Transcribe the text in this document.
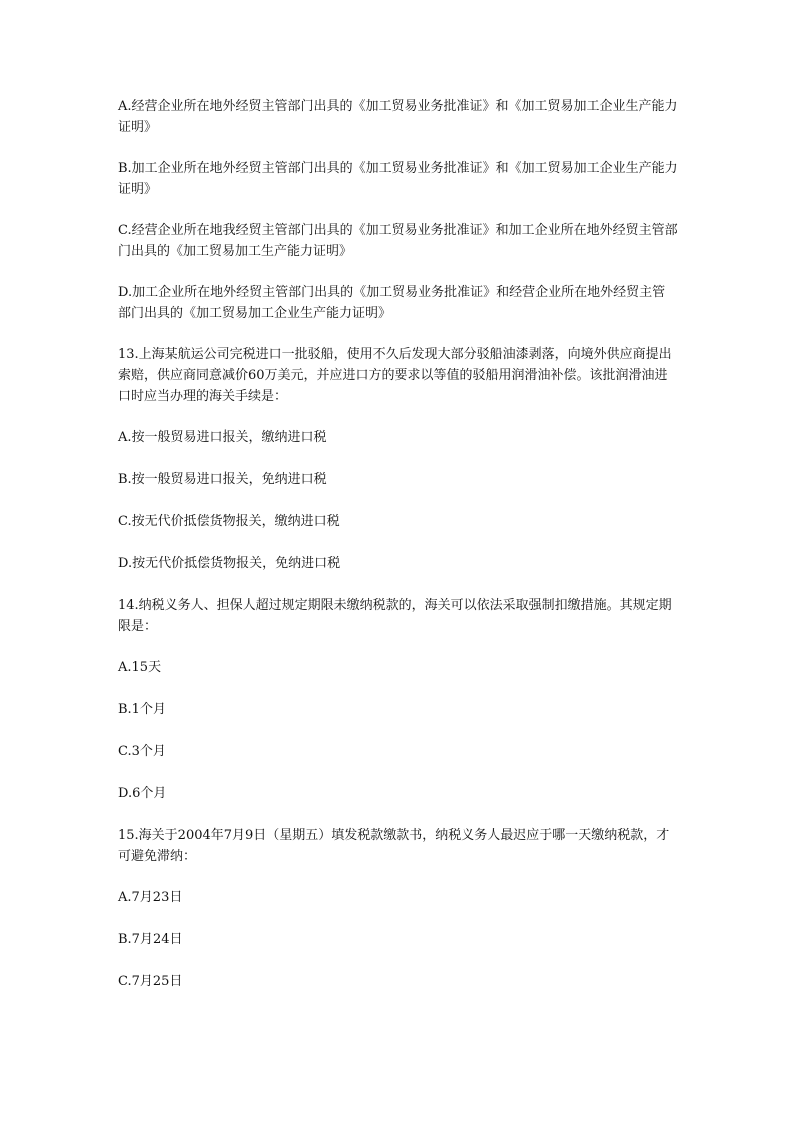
A.经营企业所在地外经贸主管部门出具的《加工贸易业务批准证》和《加工贸易加工企业生产能力证明》

B.加工企业所在地外经贸主管部门出具的《加工贸易业务批准证》和《加工贸易加工企业生产能力证明》

C.经营企业所在地我经贸主管部门出具的《加工贸易业务批准证》和加工企业所在地外经贸主管部门出具的《加工贸易加工生产能力证明》

D.加工企业所在地外经贸主管部门出具的《加工贸易业务批准证》和经营企业所在地外经贸主管部门出具的《加工贸易加工企业生产能力证明》

13.上海某航运公司完税进口一批驳船，使用不久后发现大部分驳船油漆剥落，向境外供应商提出索赔，供应商同意减价60万美元，并应进口方的要求以等值的驳船用润滑油补偿。该批润滑油进口时应当办理的海关手续是：

A.按一般贸易进口报关，缴纳进口税

B.按一般贸易进口报关，免纳进口税

C.按无代价抵偿货物报关，缴纳进口税

D.按无代价抵偿货物报关，免纳进口税

14.纳税义务人、担保人超过规定期限未缴纳税款的，海关可以依法采取强制扣缴措施。其规定期限是：

A.15天

B.1个月

C.3个月

D.6个月

15.海关于2004年7月9日（星期五）填发税款缴款书，纳税义务人最迟应于哪一天缴纳税款，才可避免滞纳：

A.7月23日

B.7月24日

C.7月25日
